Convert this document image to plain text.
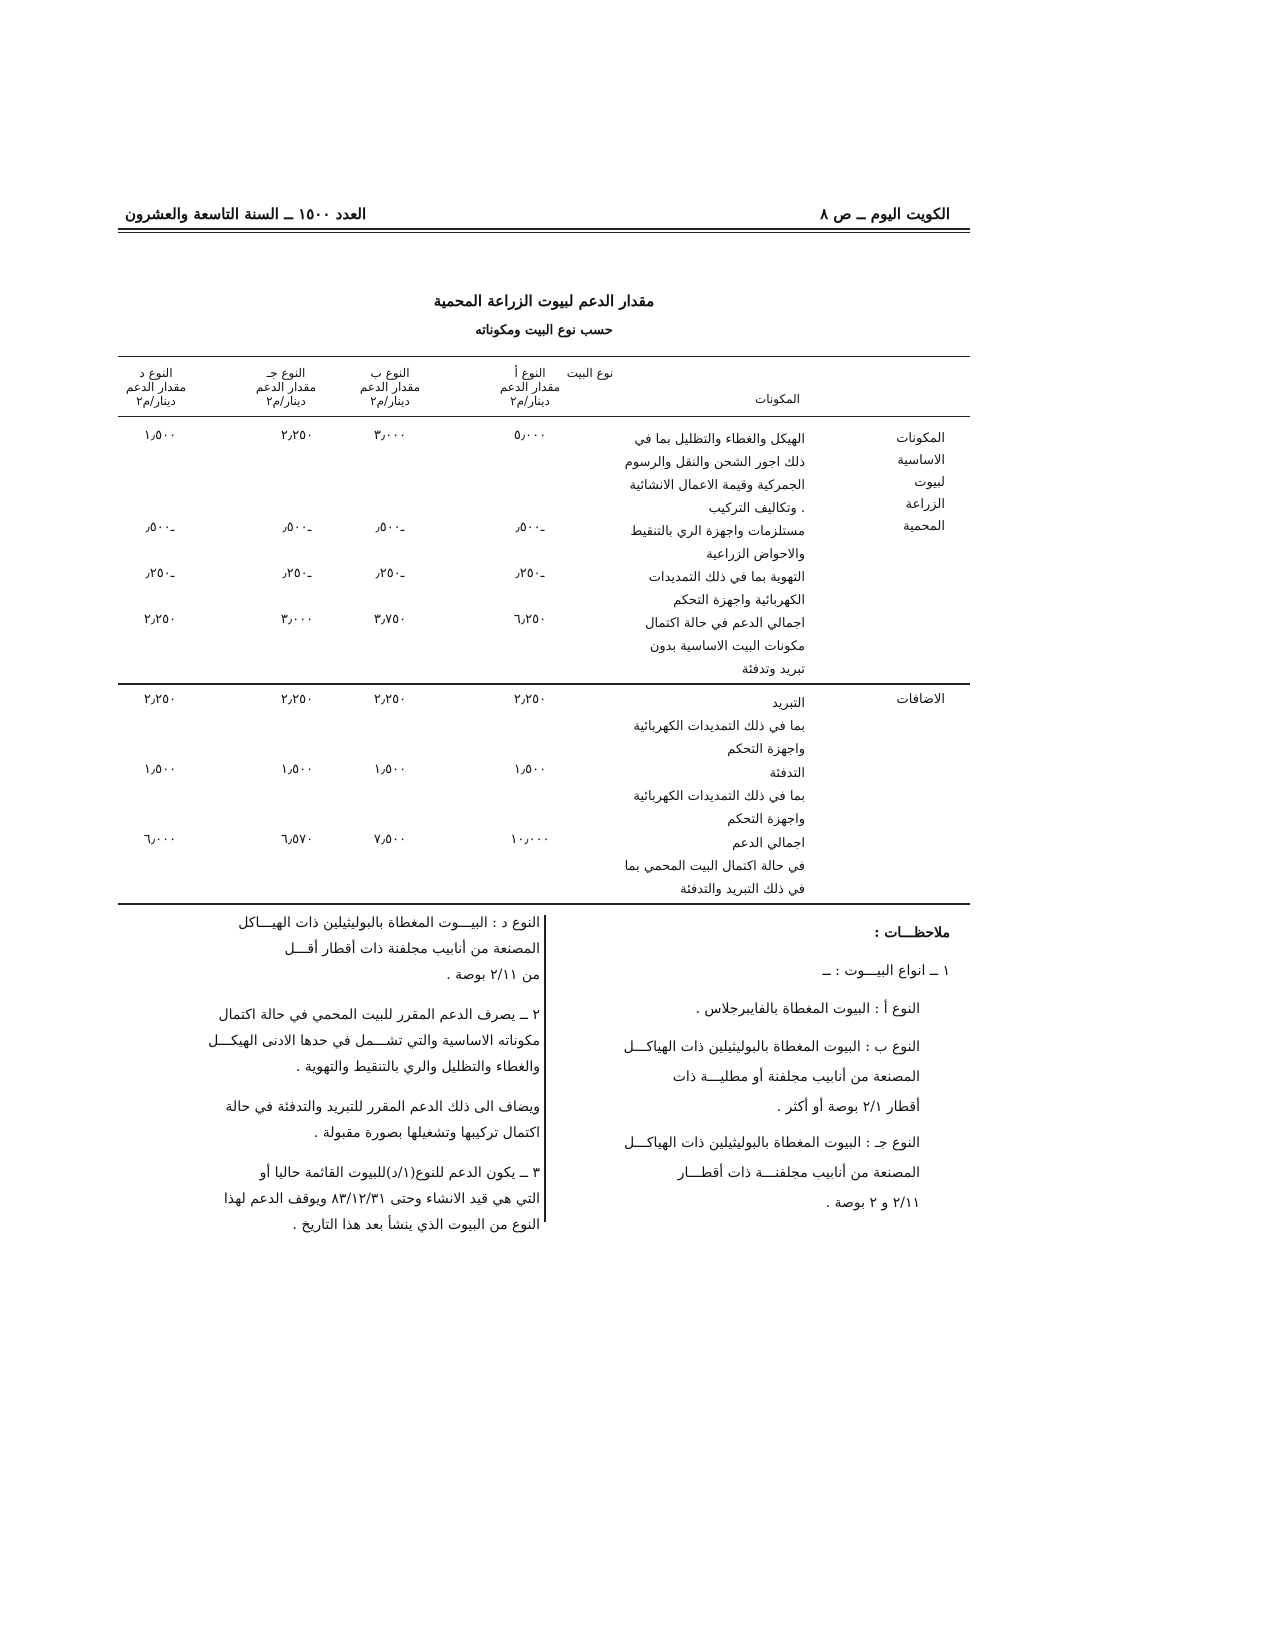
الكويت اليوم ــ ص ٨
العدد ١٥٠٠ ــ السنة التاسعة والعشرون
مقدار الدعم لبيوت الزراعة المحمية
حسب نوع البيت ومكوناته
نوع البيت
المكونات
النوع أ
مقدار الدعم
دينار/م٢
النوع ب
مقدار الدعم
دينار/م٢
النوع جـ
مقدار الدعم
دينار/م٢
النوع د
مقدار الدعم
دينار/م٢
المكونات
الاساسية
لبيوت
الزراعة
المحمية
الهيكل والغطاء والتظليل بما في
ذلك اجور الشحن والنقل والرسوم
الجمركية وقيمة الاعمال الانشائية
وتكاليف التركيب .
٥٫٠٠٠
٣٫٠٠٠
٢٫٢٥٠
١٫٥٠٠
مستلزمات واجهزة الري بالتنقيط
والاحواض الزراعية
ـ٫٥٠٠
ـ٫٥٠٠
ـ٫٥٠٠
ـ٫٥٠٠
التهوية بما في ذلك التمديدات
الكهربائية واجهزة التحكم
ـ٫٢٥٠
ـ٫٢٥٠
ـ٫٢٥٠
ـ٫٢٥٠
اجمالي الدعم في حالة اكتمال
مكونات البيت الاساسية بدون
تبريد وتدفئة
٦٫٢٥٠
٣٫٧٥٠
٣٫٠٠٠
٢٫٢٥٠
الاضافات
التبريد
بما في ذلك التمديدات الكهربائية
واجهزة التحكم
٢٫٢٥٠
٢٫٢٥٠
٢٫٢٥٠
٢٫٢٥٠
التدفئة
بما في ذلك التمديدات الكهربائية
واجهزة التحكم
١٫٥٠٠
١٫٥٠٠
١٫٥٠٠
١٫٥٠٠
اجمالي الدعم
في حالة اكتمال البيت المحمي بما
في ذلك التبريد والتدفئة
١٠٫٠٠٠
٧٫٥٠٠
٦٫٥٧٠
٦٫٠٠٠
ملاحظـــات :
١ ــ انواع البيـــوت : ــ
النوع أ : البيوت المغطاة بالفايبرجلاس .
النوع ب : البيوت المغطاة بالبوليثيلين ذات الهياكـــل
المصنعة من أنابيب مجلفنة أو مطليـــة ذات
أقطار ٢/١ بوصة أو أكثر .
النوع جـ : البيوت المغطاة بالبوليثيلين ذات الهياكـــل
المصنعة من أنابيب مجلفنـــة ذات أقطـــار
٢/١١ و ٢ بوصة .
النوع د : البيـــوت المغطاة بالبوليثيلين ذات الهيـــاكل
المصنعة من أنابيب مجلفنة ذات أقطار أقـــل
من ٢/١١ بوصة .
٢ ــ يصرف الدعم المقرر للبيت المحمي في حالة اكتمال
مكوناته الاساسية والتي تشـــمل في حدها الادنى الهيكـــل
والغطاء والتظليل والري بالتنقيط والتهوية .
ويضاف الى ذلك الدعم المقرر للتبريد والتدفئة في حالة
اكتمال تركيبها وتشغيلها بصورة مقبولة .
٣ ــ يكون الدعم للنوع(١/د)للبيوت القائمة حاليا أو
التي هي قيد الانشاء وحتى ٨٣/١٢/٣١ ويوقف الدعم لهذا
النوع من البيوت الذي ينشأ بعد هذا التاريخ .
